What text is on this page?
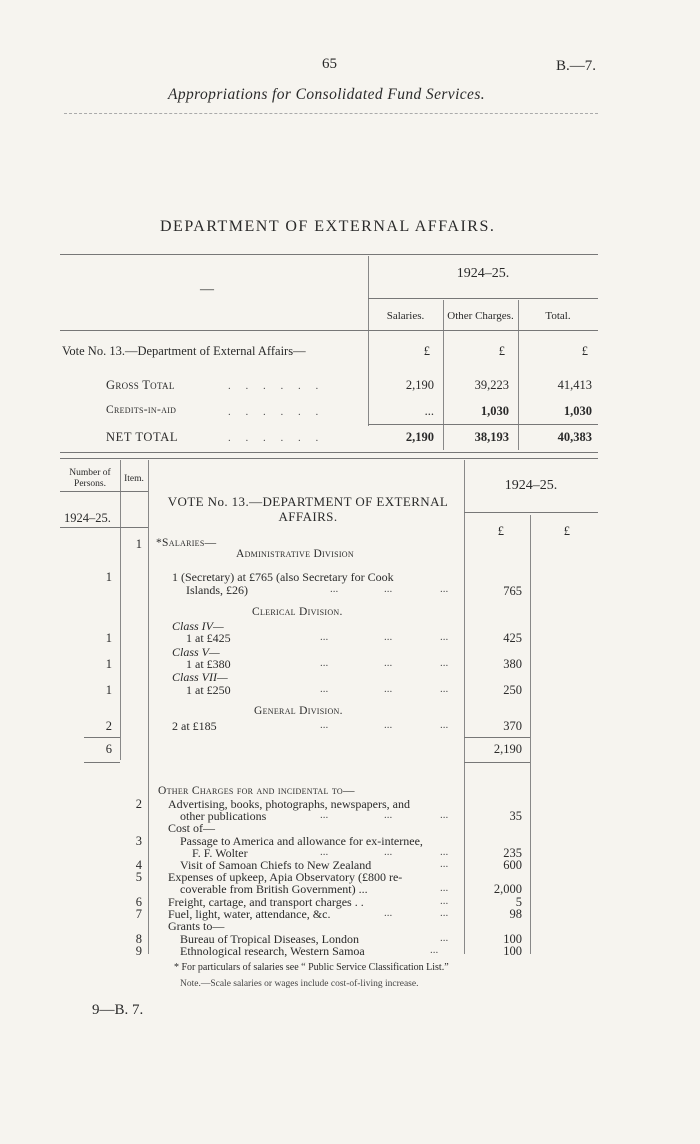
65	B.—7.
Appropriations for Consolidated Fund Services.
DEPARTMENT OF EXTERNAL AFFAIRS.
—
1924–25.
Salaries.	Other Charges.	Total.
Vote No. 13.—Department of External Affairs—	£	£	£
Gross Total	. . . . . .	2,190	39,223	41,413
Credits-in-aid	. . . . . .	...	1,030	1,030
NET TOTAL	. . . . . .	2,190	38,193	40,383
Number of Persons.	Item.	1924–25.
VOTE No. 13.—DEPARTMENT OF EXTERNAL
AFFAIRS.
1924–25.
£	£
1 *Salaries—
Administrative Division
1	1 (Secretary) at £765 (also Secretary for Cook
Islands, £26)	...	...	...	765
Clerical Division.
Class IV—
1	1 at £425	...	...	...	425
Class V—
1	1 at £380	...	...	...	380
Class VII—
1	1 at £250	...	...	...	250
General Division.
2	2 at £185	...	...	...	370
6	2,190
Other Charges for and incidental to—
2 Advertising, books, photographs, newspapers, and
other publications	...	...	...	35
Cost of—
3	Passage to America and allowance for ex-internee,
F. F. Wolter	...	...	...	235
4	Visit of Samoan Chiefs to New Zealand	...	600
5 Expenses of upkeep, Apia Observatory (£800 re-
coverable from British Government) ...	...	2,000
6 Freight, cartage, and transport charges . .	...	5
7 Fuel, light, water, attendance, &c.	...	...	98
Grants to—
8	Bureau of Tropical Diseases, London	...	100
9	Ethnological research, Western Samoa	...	100
* For particulars of salaries see “ Public Service Classification List.”
Note.—Scale salaries or wages include cost-of-living increase.
9—B. 7.
